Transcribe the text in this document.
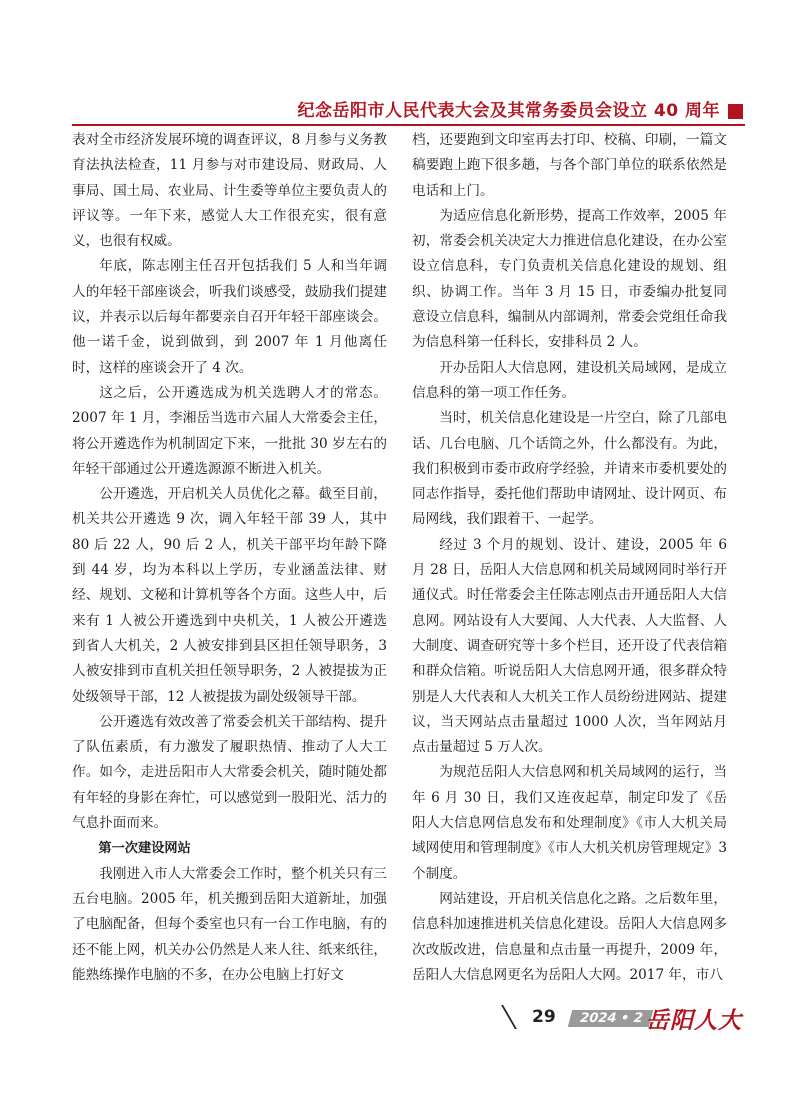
纪念岳阳市人民代表大会及其常务委员会设立 40 周年

表对全市经济发展环境的调查评议，8 月参与义务教育法执法检查，11 月参与对市建设局、财政局、人事局、国土局、农业局、计生委等单位主要负责人的评议等。一年下来，感觉人大工作很充实，很有意义，也很有权威。

年底，陈志刚主任召开包括我们 5 人和当年调人的年轻干部座谈会，听我们谈感受，鼓励我们提建议，并表示以后每年都要亲自召开年轻干部座谈会。他一诺千金，说到做到，到 2007 年 1 月他离任时，这样的座谈会开了 4 次。

这之后，公开遴选成为机关选聘人才的常态。2007 年 1 月，李湘岳当选市六届人大常委会主任，将公开遴选作为机制固定下来，一批批 30 岁左右的年轻干部通过公开遴选源源不断进入机关。

公开遴选，开启机关人员优化之幕。截至目前，机关共公开遴选 9 次，调入年轻干部 39 人，其中 80 后 22 人，90 后 2 人，机关干部平均年龄下降到 44 岁，均为本科以上学历，专业涵盖法律、财经、规划、文秘和计算机等各个方面。这些人中，后来有 1 人被公开遴选到中央机关，1 人被公开遴选到省人大机关，2 人被安排到县区担任领导职务，3 人被安排到市直机关担任领导职务，2 人被提拔为正处级领导干部，12 人被提拔为副处级领导干部。

公开遴选有效改善了常委会机关干部结构、提升了队伍素质，有力激发了履职热情、推动了人大工作。如今，走进岳阳市人大常委会机关，随时随处都有年轻的身影在奔忙，可以感觉到一股阳光、活力的气息扑面而来。

第一次建设网站

我刚进入市人大常委会工作时，整个机关只有三五台电脑。2005 年，机关搬到岳阳大道新址，加强了电脑配备，但每个委室也只有一台工作电脑，有的还不能上网，机关办公仍然是人来人往、纸来纸往，能熟练操作电脑的不多，在办公电脑上打好文

档，还要跑到文印室再去打印、校稿、印刷，一篇文稿要跑上跑下很多趟，与各个部门单位的联系依然是电话和上门。

为适应信息化新形势，提高工作效率，2005 年初，常委会机关决定大力推进信息化建设，在办公室设立信息科，专门负责机关信息化建设的规划、组织、协调工作。当年 3 月 15 日，市委编办批复同意设立信息科，编制从内部调剂，常委会党组任命我为信息科第一任科长，安排科员 2 人。

开办岳阳人大信息网，建设机关局域网，是成立信息科的第一项工作任务。

当时，机关信息化建设是一片空白，除了几部电话、几台电脑、几个话筒之外，什么都没有。为此，我们积极到市委市政府学经验，并请来市委机要处的同志作指导，委托他们帮助申请网址、设计网页、布局网线，我们跟着干、一起学。

经过 3 个月的规划、设计、建设，2005 年 6 月 28 日，岳阳人大信息网和机关局域网同时举行开通仪式。时任常委会主任陈志刚点击开通岳阳人大信息网。网站设有人大要闻、人大代表、人大监督、人大制度、调查研究等十多个栏目，还开设了代表信箱和群众信箱。听说岳阳人大信息网开通，很多群众特别是人大代表和人大机关工作人员纷纷进网站、提建议，当天网站点击量超过 1000 人次，当年网站月点击量超过 5 万人次。

为规范岳阳人大信息网和机关局域网的运行，当年 6 月 30 日，我们又连夜起草，制定印发了《岳阳人大信息网信息发布和处理制度》《市人大机关局域网使用和管理制度》《市人大机关机房管理规定》3 个制度。

网站建设，开启机关信息化之路。之后数年里，信息科加速推进机关信息化建设。岳阳人大信息网多次改版改进，信息量和点击量一再提升，2009 年，岳阳人大信息网更名为岳阳人大网。2017 年，市八

29	2024 • 2 岳阳人大
